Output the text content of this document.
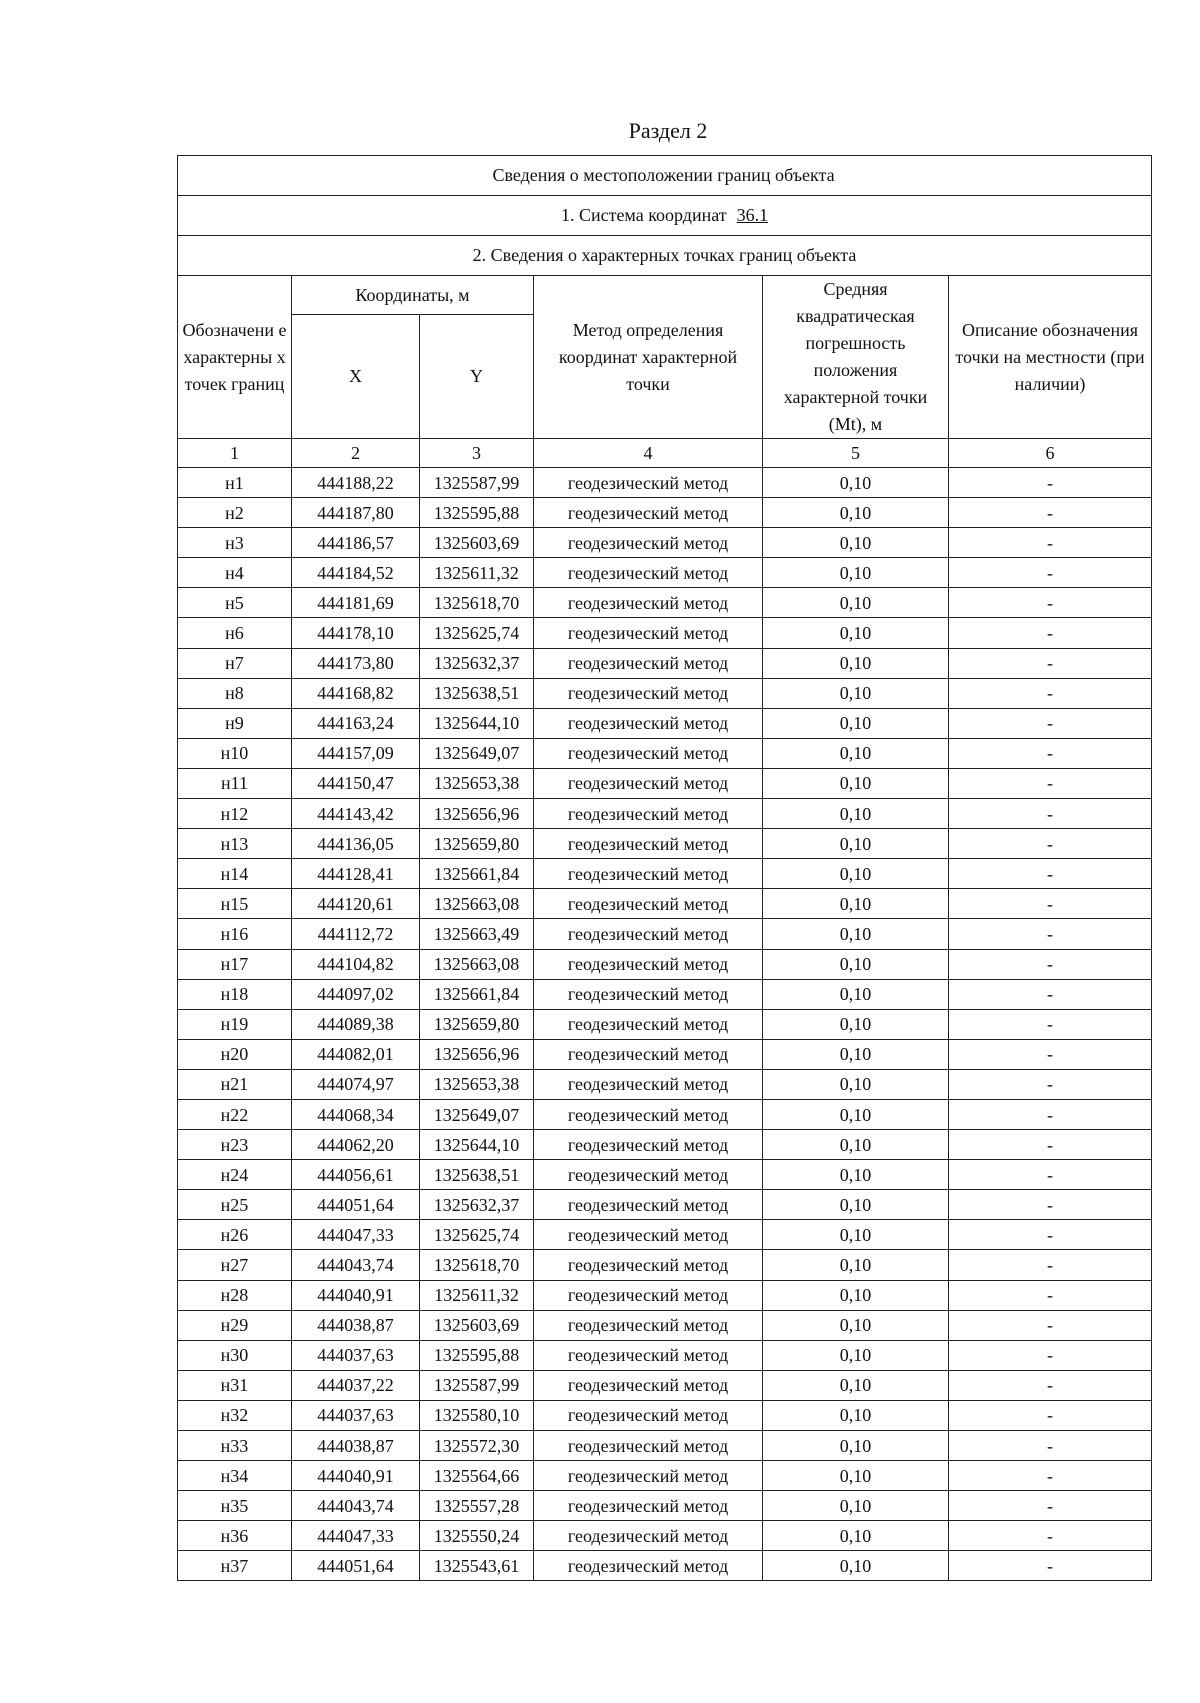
Раздел 2
Сведения о местоположении границ объекта					
1. Система координат 36.1					
2. Сведения о характерных точках границ объекта					
Обозначени е характерны х точек границ	Координаты, м		Метод определения координат характерной точки	Средняя квадратическая погрешность положения характерной точки (Mt), м	Описание обозначения точки на местности (при наличии)
	X	Y			
1	2	3	4	5	6
н1	444188,22	1325587,99	геодезический метод	0,10	-
н2	444187,80	1325595,88	геодезический метод	0,10	-
н3	444186,57	1325603,69	геодезический метод	0,10	-
н4	444184,52	1325611,32	геодезический метод	0,10	-
н5	444181,69	1325618,70	геодезический метод	0,10	-
н6	444178,10	1325625,74	геодезический метод	0,10	-
н7	444173,80	1325632,37	геодезический метод	0,10	-
н8	444168,82	1325638,51	геодезический метод	0,10	-
н9	444163,24	1325644,10	геодезический метод	0,10	-
н10	444157,09	1325649,07	геодезический метод	0,10	-
н11	444150,47	1325653,38	геодезический метод	0,10	-
н12	444143,42	1325656,96	геодезический метод	0,10	-
н13	444136,05	1325659,80	геодезический метод	0,10	-
н14	444128,41	1325661,84	геодезический метод	0,10	-
н15	444120,61	1325663,08	геодезический метод	0,10	-
н16	444112,72	1325663,49	геодезический метод	0,10	-
н17	444104,82	1325663,08	геодезический метод	0,10	-
н18	444097,02	1325661,84	геодезический метод	0,10	-
н19	444089,38	1325659,80	геодезический метод	0,10	-
н20	444082,01	1325656,96	геодезический метод	0,10	-
н21	444074,97	1325653,38	геодезический метод	0,10	-
н22	444068,34	1325649,07	геодезический метод	0,10	-
н23	444062,20	1325644,10	геодезический метод	0,10	-
н24	444056,61	1325638,51	геодезический метод	0,10	-
н25	444051,64	1325632,37	геодезический метод	0,10	-
н26	444047,33	1325625,74	геодезический метод	0,10	-
н27	444043,74	1325618,70	геодезический метод	0,10	-
н28	444040,91	1325611,32	геодезический метод	0,10	-
н29	444038,87	1325603,69	геодезический метод	0,10	-
н30	444037,63	1325595,88	геодезический метод	0,10	-
н31	444037,22	1325587,99	геодезический метод	0,10	-
н32	444037,63	1325580,10	геодезический метод	0,10	-
н33	444038,87	1325572,30	геодезический метод	0,10	-
н34	444040,91	1325564,66	геодезический метод	0,10	-
н35	444043,74	1325557,28	геодезический метод	0,10	-
н36	444047,33	1325550,24	геодезический метод	0,10	-
н37	444051,64	1325543,61	геодезический метод	0,10	-
